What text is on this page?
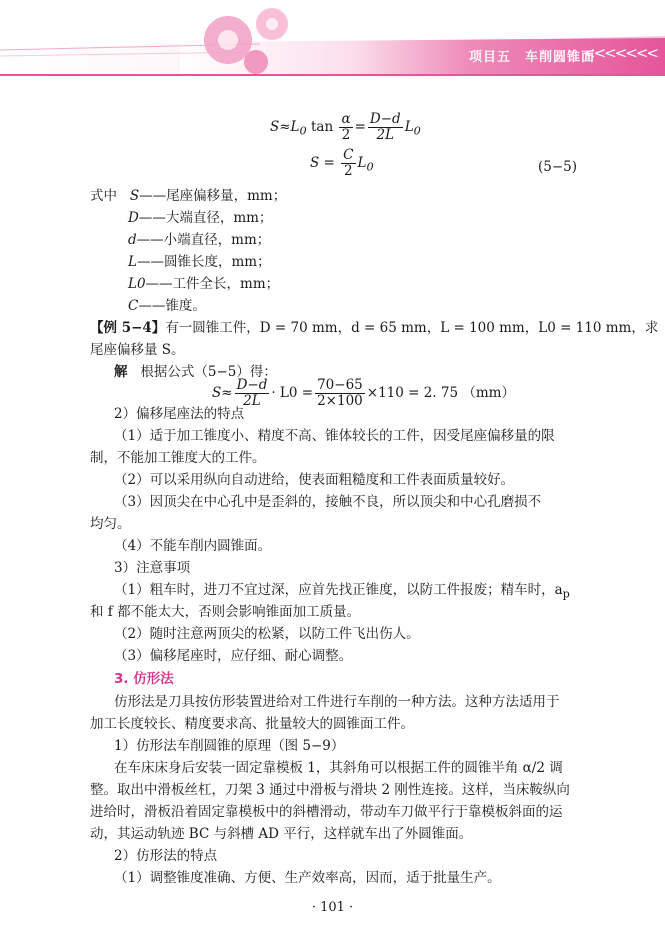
项目五　车削圆锥面
<<<<<<<
$S\approx L_0$ $\tan \frac{\alpha}{2} = \frac{D-d}{2L} L_0$
$S = \frac{C}{2} L_0$	(5−5)
式中 S——尾座偏移量，mm；
D——大端直径，mm；
d——小端直径，mm；
L——圆锥长度，mm；
L0——工件全长，mm；
C——锥度。
【例 5−4】有一圆锥工件，D = 70 mm，d = 65 mm，L = 100 mm，L0 = 110 mm，求
尾座偏移量 S。
解 根据公式（5−5）得：
$S\approx \frac{D-d}{2L} \cdot L0 = \frac{70-65}{2\times 100} \times 110 = 2$. 75 （mm）
2）偏移尾座法的特点
（1）适于加工锥度小、精度不高、锥体较长的工件，因受尾座偏移量的限
制，不能加工锥度大的工件。
（2）可以采用纵向自动进给，使表面粗糙度和工件表面质量较好。
（3）因顶尖在中心孔中是歪斜的，接触不良，所以顶尖和中心孔磨损不
均匀。
（4）不能车削内圆锥面。
3）注意事项
（1）粗车时，进刀不宜过深，应首先找正锥度，以防工件报废；精车时，$a_p$
和 f 都不能太大，否则会影响锥面加工质量。
（2）随时注意两顶尖的松紧，以防工件飞出伤人。
（3）偏移尾座时，应仔细、耐心调整。
3. 仿形法
仿形法是刀具按仿形装置进给对工件进行车削的一种方法。这种方法适用于
加工长度较长、精度要求高、批量较大的圆锥面工件。
1）仿形法车削圆锥的原理（图 5−9）
在车床床身后安装一固定靠模板 1，其斜角可以根据工件的圆锥半角 α/2 调
整。取出中滑板丝杠，刀架 3 通过中滑板与滑块 2 刚性连接。这样，当床鞍纵向
进给时，滑板沿着固定靠模板中的斜槽滑动，带动车刀做平行于靠模板斜面的运
动，其运动轨迹 BC 与斜槽 AD 平行，这样就车出了外圆锥面。
2）仿形法的特点
（1）调整锥度准确、方便、生产效率高，因而，适于批量生产。
· 101 ·
